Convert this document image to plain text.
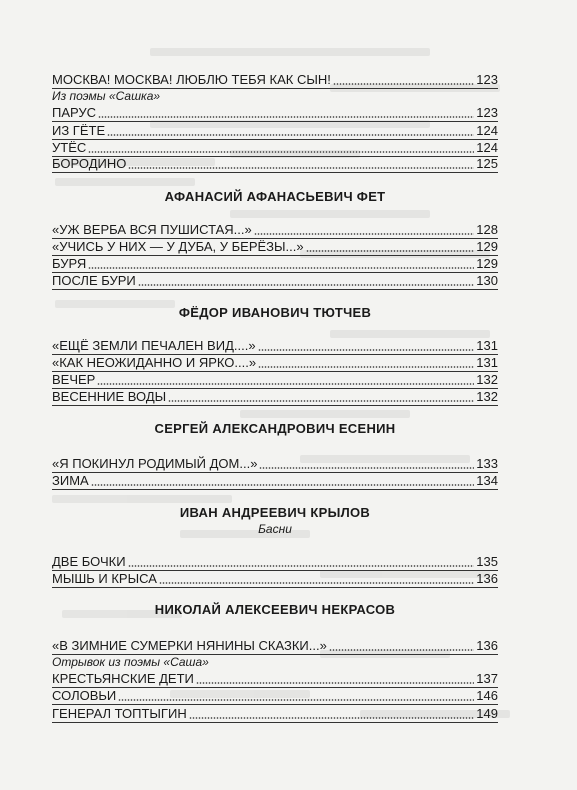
МОСКВА! МОСКВА! ЛЮБЛЮ ТЕБЯ КАК СЫН!	123
Из поэмы «Сашка»
ПАРУС	123
ИЗ ГЁТЕ	124
УТЁС	124
БОРОДИНО	125
АФАНАСИЙ АФАНАСЬЕВИЧ ФЕТ
«УЖ ВЕРБА ВСЯ ПУШИСТАЯ...»	128
«УЧИСЬ У НИХ — У ДУБА, У БЕРЁЗЫ...»	129
БУРЯ	129
ПОСЛЕ БУРИ	130
ФЁДОР ИВАНОВИЧ ТЮТЧЕВ
«ЕЩЁ ЗЕМЛИ ПЕЧАЛЕН ВИД....»	131
«КАК НЕОЖИДАННО И ЯРКО....»	131
ВЕЧЕР	132
ВЕСЕННИЕ ВОДЫ	132
СЕРГЕЙ АЛЕКСАНДРОВИЧ ЕСЕНИН
«Я ПОКИНУЛ РОДИМЫЙ ДОМ...»	133
ЗИМА	134
ИВАН АНДРЕЕВИЧ КРЫЛОВ
Басни
ДВЕ БОЧКИ	135
МЫШЬ И КРЫСА	136
НИКОЛАЙ АЛЕКСЕЕВИЧ НЕКРАСОВ
«В ЗИМНИЕ СУМЕРКИ НЯНИНЫ СКАЗКИ...»	136
Отрывок из поэмы «Саша»
КРЕСТЬЯНСКИЕ ДЕТИ	137
СОЛОВЬИ	146
ГЕНЕРАЛ ТОПТЫГИН	149
